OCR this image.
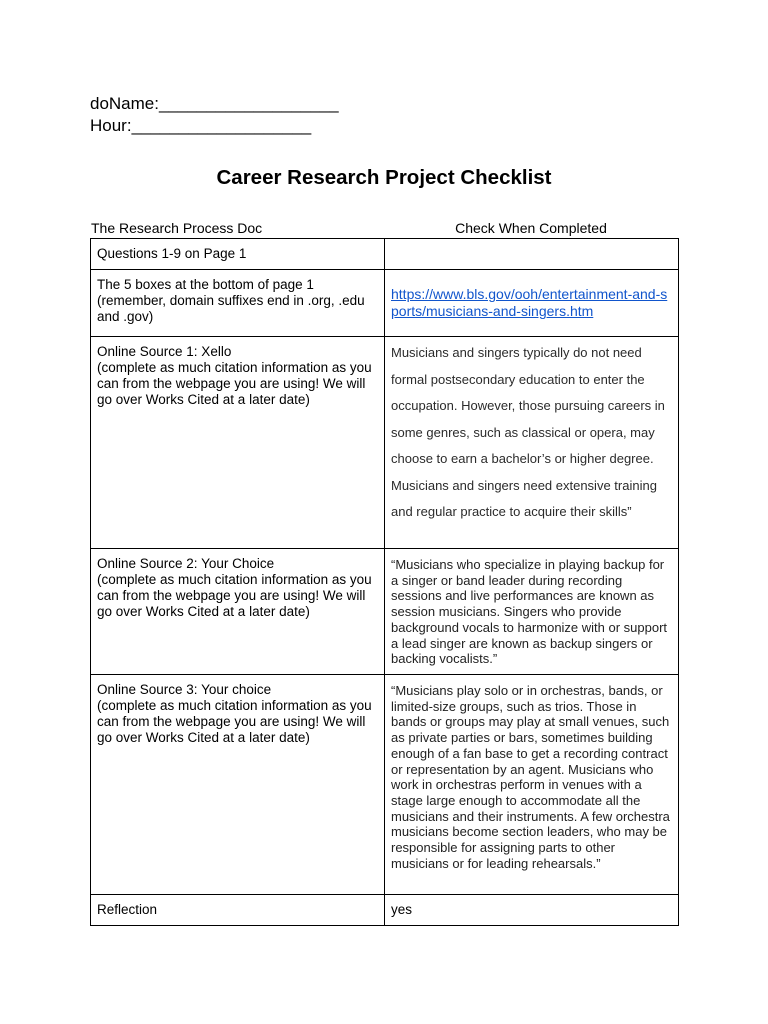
doName:___________________
Hour:___________________
Career Research Project Checklist
The Research Process Doc	Check When Completed
Questions 1-9 on Page 1	

The 5 boxes at the bottom of page 1
(remember, domain suffixes end in .org, .edu and .gov)	https://www.bls.gov/ooh/entertainment-and-sports/musicians-and-singers.htm

Online Source 1: Xello
(complete as much citation information as you can from the webpage you are using! We will go over Works Cited at a later date)	Musicians and singers typically do not need formal postsecondary education to enter the occupation. However, those pursuing careers in some genres, such as classical or opera, may choose to earn a bachelor’s or higher degree. Musicians and singers need extensive training and regular practice to acquire their skills”

Online Source 2: Your Choice
(complete as much citation information as you can from the webpage you are using! We will go over Works Cited at a later date)	“Musicians who specialize in playing backup for a singer or band leader during recording sessions and live performances are known as session musicians. Singers who provide background vocals to harmonize with or support a lead singer are known as backup singers or backing vocalists.”

Online Source 3: Your choice
(complete as much citation information as you can from the webpage you are using! We will go over Works Cited at a later date)	“Musicians play solo or in orchestras, bands, or limited-size groups, such as trios. Those in bands or groups may play at small venues, such as private parties or bars, sometimes building enough of a fan base to get a recording contract or representation by an agent. Musicians who work in orchestras perform in venues with a stage large enough to accommodate all the musicians and their instruments. A few orchestra musicians become section leaders, who may be responsible for assigning parts to other musicians or for leading rehearsals.”

Reflection	yes
